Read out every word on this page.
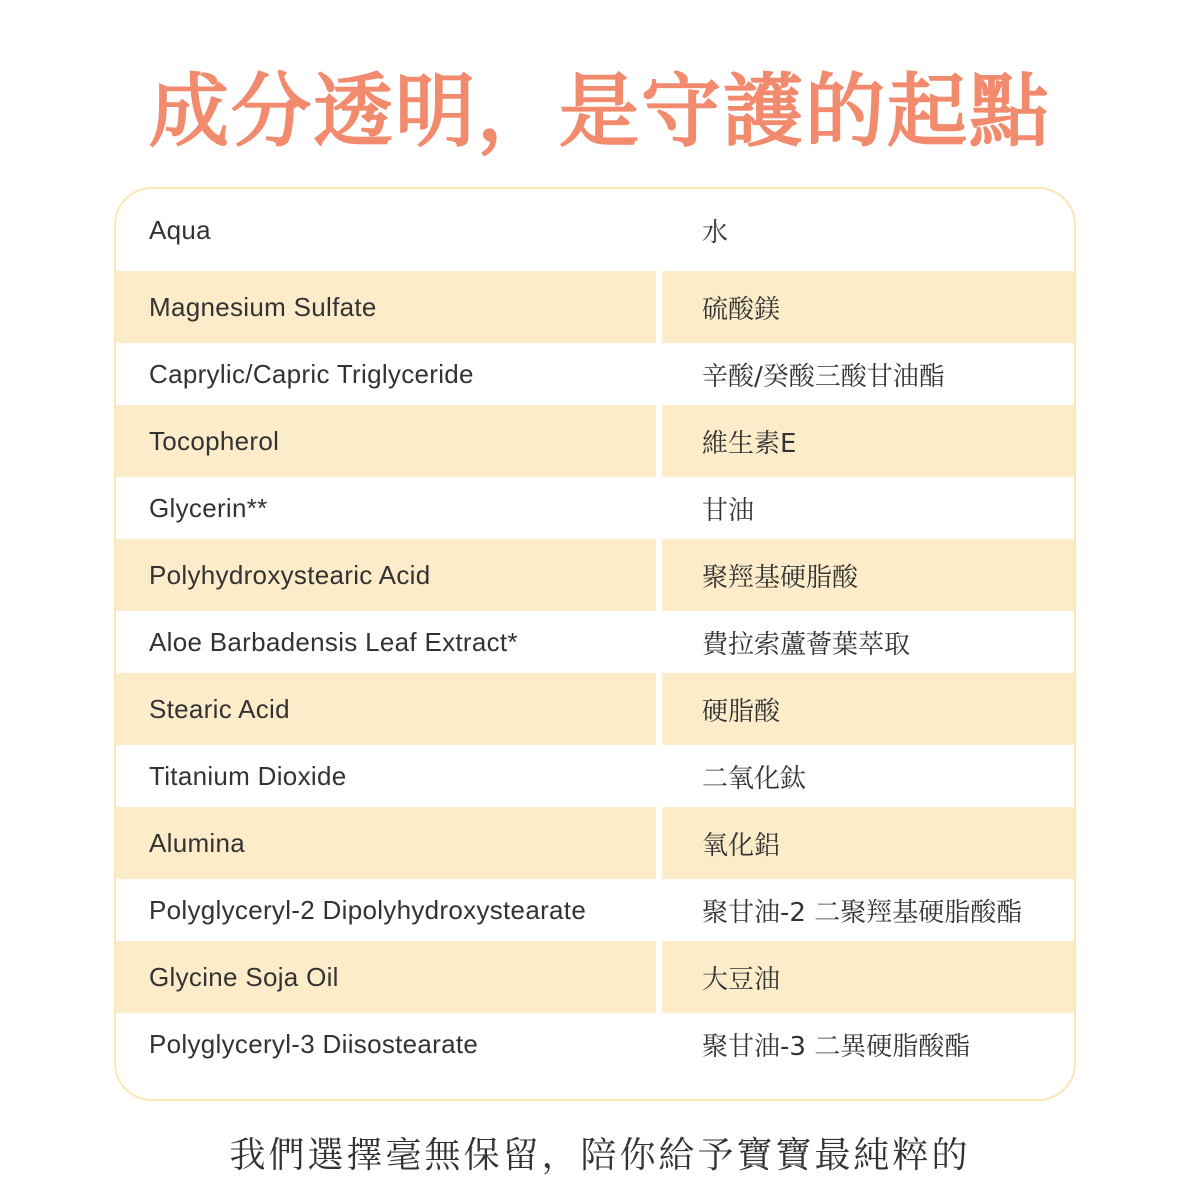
成分透明，是守護的起點
Aqua	水
Magnesium Sulfate	硫酸鎂
Caprylic/Capric Triglyceride	辛酸/癸酸三酸甘油酯
Tocopherol	維生素E
Glycerin**	甘油
Polyhydroxystearic Acid	聚羥基硬脂酸
Aloe Barbadensis Leaf Extract*	費拉索蘆薈葉萃取
Stearic Acid	硬脂酸
Titanium Dioxide	二氧化鈦
Alumina	氧化鋁
Polyglyceryl-2 Dipolyhydroxystearate	聚甘油-2 二聚羥基硬脂酸酯
Glycine Soja Oil	大豆油
Polyglyceryl-3 Diisostearate	聚甘油-3 二異硬脂酸酯
我們選擇毫無保留，陪你給予寶寶最純粹的
